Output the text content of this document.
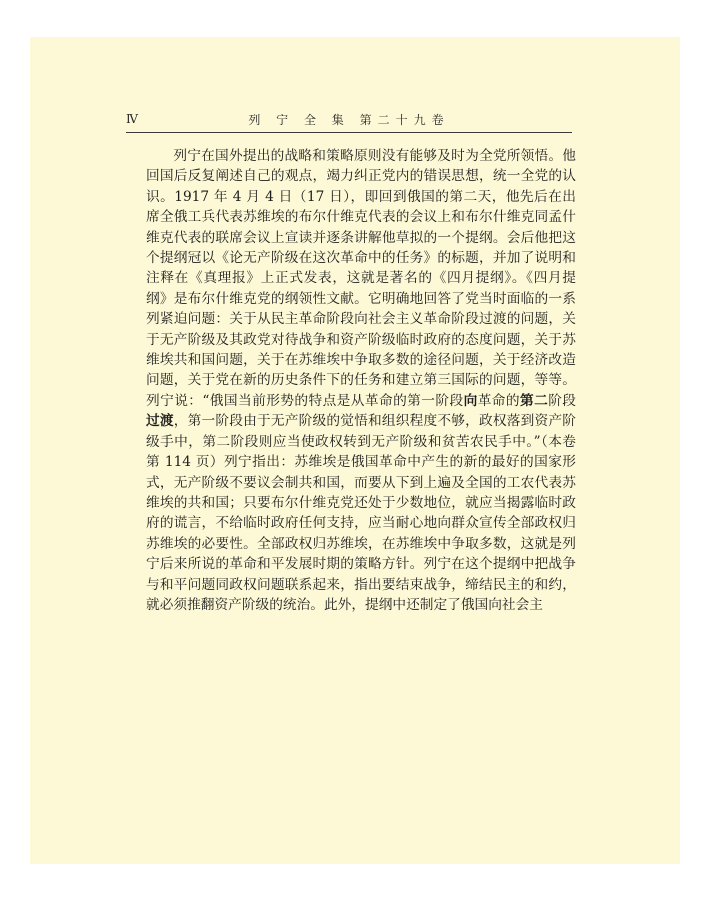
Ⅳ	列 宁 全 集 第二十九卷

列宁在国外提出的战略和策略原则没有能够及时为全党所领悟。他回国后反复阐述自己的观点，竭力纠正党内的错误思想，统一全党的认识。1917 年 4 月 4 日（17 日），即回到俄国的第二天，他先后在出席全俄工兵代表苏维埃的布尔什维克代表的会议上和布尔什维克同孟什维克代表的联席会议上宣读并逐条讲解他草拟的一个提纲。会后他把这个提纲冠以《论无产阶级在这次革命中的任务》的标题，并加了说明和注释在《真理报》上正式发表，这就是著名的《四月提纲》。《四月提纲》是布尔什维克党的纲领性文献。它明确地回答了党当时面临的一系列紧迫问题：关于从民主革命阶段向社会主义革命阶段过渡的问题，关于无产阶级及其政党对待战争和资产阶级临时政府的态度问题，关于苏维埃共和国问题，关于在苏维埃中争取多数的途径问题，关于经济改造问题，关于党在新的历史条件下的任务和建立第三国际的问题，等等。列宁说：“俄国当前形势的特点是从革命的第一阶段向革命的第二阶段过渡，第一阶段由于无产阶级的觉悟和组织程度不够，政权落到资产阶级手中，第二阶段则应当使政权转到无产阶级和贫苦农民手中。”（本卷第 114 页）列宁指出：苏维埃是俄国革命中产生的新的最好的国家形式，无产阶级不要议会制共和国，而要从下到上遍及全国的工农代表苏维埃的共和国；只要布尔什维克党还处于少数地位，就应当揭露临时政府的谎言，不给临时政府任何支持，应当耐心地向群众宣传全部政权归苏维埃的必要性。全部政权归苏维埃，在苏维埃中争取多数，这就是列宁后来所说的革命和平发展时期的策略方针。列宁在这个提纲中把战争与和平问题同政权问题联系起来，指出要结束战争，缔结民主的和约，就必须推翻资产阶级的统治。此外，提纲中还制定了俄国向社会主
